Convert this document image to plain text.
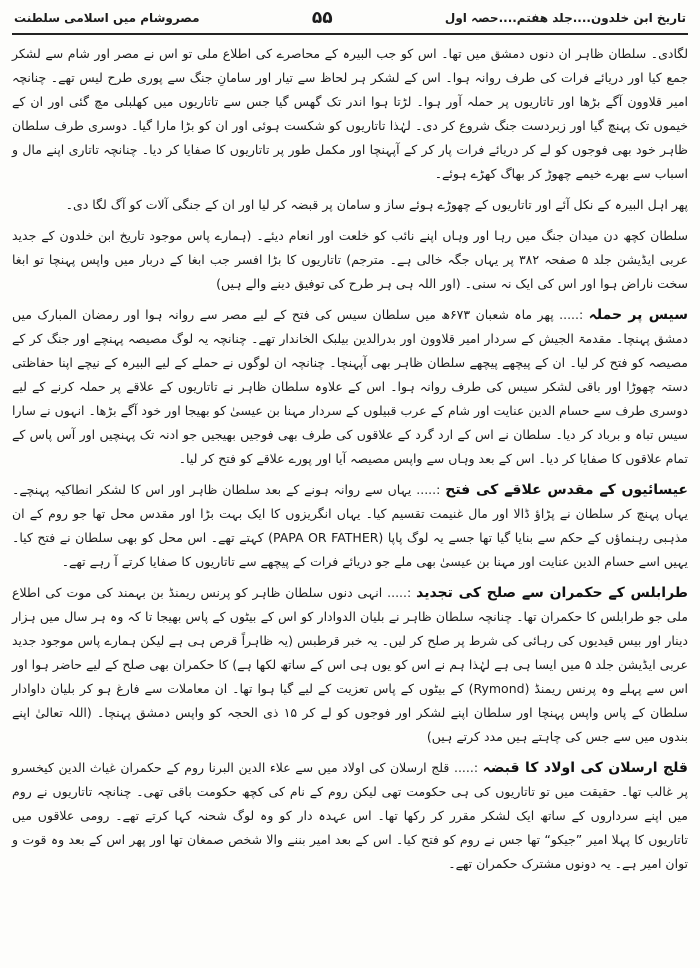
تاریخ ابن خلدون....جلد هفتم....حصہ اول
۵۵
مصروشام میں اسلامی سلطنت

لگادی۔ سلطان ظاہر ان دنوں دمشق میں تھا۔ اس کو جب البیرہ کے محاصرے کی اطلاع ملی تو اس نے مصر اور شام سے لشکر جمع کیا اور دریائے فرات کی طرف روانہ ہوا۔ اس کے لشکر ہر لحاظ سے تیار اور سامانِ جنگ سے پوری طرح لیس تھے۔ چنانچہ امیر قلاوون آگے بڑھا اور تاتاریوں پر حملہ آور ہوا۔ لڑتا ہوا اندر تک گھس گیا جس سے تاتاریوں میں کھلبلی مچ گئی اور ان کے خیموں تک پہنچ گیا اور زبردست جنگ شروع کر دی۔ لہٰذا تاتاریوں کو شکست ہوئی اور ان کو بڑا مارا گیا۔ دوسری طرف سلطان ظاہر خود بھی فوجوں کو لے کر دریائے فرات پار کر کے آپہنچا اور مکمل طور پر تاتاریوں کا صفایا کر دیا۔ چنانچہ تاتاری اپنے مال و اسباب سے بھرے خیمے چھوڑ کر بھاگ کھڑے ہوئے۔

پھر اہل البیرہ کے نکل آئے اور تاتاریوں کے چھوڑے ہوئے ساز و سامان پر قبضہ کر لیا اور ان کے جنگی آلات کو آگ لگا دی۔

سلطان کچھ دن میدان جنگ میں رہا اور وہاں اپنے نائب کو خلعت اور انعام دیئے۔ (ہمارے پاس موجود تاریخ ابن خلدون کے جدید عربی ایڈیشن جلد ۵ صفحہ ۳۸۲ پر یہاں جگہ خالی ہے۔ مترجم) تاتاریوں کا بڑا افسر جب ابغا کے دربار میں واپس پہنچا تو ابغا سخت ناراض ہوا اور اس کی ایک نہ سنی۔ (اور اللہ ہی ہر طرح کی توفیق دینے والے ہیں)

سیس پر حملہ :..... پھر ماہ شعبان ۶۷۳ھ میں سلطان سیس کی فتح کے لیے مصر سے روانہ ہوا اور رمضان المبارک میں دمشق پہنچا۔ مقدمۃ الجیش کے سردار امیر قلاوون اور بدرالدین بیلبک الخاندار تھے۔ چنانچہ یہ لوگ مصیصہ پہنچے اور جنگ کر کے مصیصہ کو فتح کر لیا۔ ان کے پیچھے پیچھے سلطان ظاہر بھی آپہنچا۔ چنانچہ ان لوگوں نے حملے کے لیے البیرہ کے نیچے اپنا حفاظتی دستہ چھوڑا اور باقی لشکر سیس کی طرف روانہ ہوا۔ اس کے علاوہ سلطان ظاہر نے تاتاریوں کے علاقے پر حملہ کرنے کے لیے دوسری طرف سے حسام الدین عنایت اور شام کے عرب قبیلوں کے سردار مہنا بن عیسیٰ کو بھیجا اور خود آگے بڑھا۔ انہوں نے سارا سیس تباہ و برباد کر دیا۔ سلطان نے اس کے ارد گرد کے علاقوں کی طرف بھی فوجیں بھیجیں جو ادنہ تک پہنچیں اور آس پاس کے تمام علاقوں کا صفایا کر دیا۔ اس کے بعد وہاں سے واپس مصیصہ آیا اور پورے علاقے کو فتح کر لیا۔

عیسائیوں کے مقدس علاقے کی فتح :..... یہاں سے روانہ ہونے کے بعد سلطان ظاہر اور اس کا لشکر انطاکیہ پہنچے۔ یہاں پہنچ کر سلطان نے پڑاؤ ڈالا اور مال غنیمت تقسیم کیا۔ یہاں انگریزوں کا ایک بہت بڑا اور مقدس محل تھا جو روم کے ان مذہبی رہنماؤں کے حکم سے بنایا گیا تھا جسے یہ لوگ پاپا (PAPA OR FATHER) کہتے تھے۔ اس محل کو بھی سلطان نے فتح کیا۔ یہیں اسے حسام الدین عنایت اور مہنا بن عیسیٰ بھی ملے جو دریائے فرات کے پیچھے سے تاتاریوں کا صفایا کرتے آ رہے تھے۔

طرابلس کے حکمران سے صلح کی تجدید :..... انہی دنوں سلطان ظاہر کو پرنس ریمنڈ بن بہمند کی موت کی اطلاع ملی جو طرابلس کا حکمران تھا۔ چنانچہ سلطان ظاہر نے بلیان الدوادار کو اس کے بیٹوں کے پاس بھیجا تا کہ وہ ہر سال میں ہزار دینار اور بیس قیدیوں کی رہائی کی شرط پر صلح کر لیں۔ یہ خبر قرطبس (یہ ظاہراً قرص ہی ہے لیکن ہمارے پاس موجود جدید عربی ایڈیشن جلد ۵ میں ایسا ہی ہے لہٰذا ہم نے اس کو یوں ہی اس کے ساتھ لکھا ہے) کا حکمران بھی صلح کے لیے حاضر ہوا اور اس سے پہلے وہ پرنس ریمنڈ (Rymond) کے بیٹوں کے پاس تعزیت کے لیے گیا ہوا تھا۔ ان معاملات سے فارغ ہو کر بلیان داوادار سلطان کے پاس واپس پہنچا اور سلطان اپنے لشکر اور فوجوں کو لے کر ۱۵ ذی الحجہ کو واپس دمشق پہنچا۔ (اللہ تعالیٰ اپنے بندوں میں سے جس کی چاہتے ہیں مدد کرتے ہیں)

قلج ارسلان کی اولاد کا قبضہ :..... قلج ارسلان کی اولاد میں سے علاء الدین البرنا روم کے حکمران غیاث الدین کیخسرو پر غالب تھا۔ حقیقت میں تو تاتاریوں کی ہی حکومت تھی لیکن روم کے نام کی کچھ حکومت باقی تھی۔ چنانچہ تاتاریوں نے روم میں اپنے سرداروں کے ساتھ ایک لشکر مقرر کر رکھا تھا۔ اس عہدہ دار کو وہ لوگ شحنہ کہا کرتے تھے۔ رومی علاقوں میں تاتاریوں کا پہلا امیر ”جیکو“ تھا جس نے روم کو فتح کیا۔ اس کے بعد امیر بننے والا شخص صمغان تھا اور پھر اس کے بعد وہ قوت و توان امیر ہے۔ یہ دونوں مشترک حکمران تھے۔
